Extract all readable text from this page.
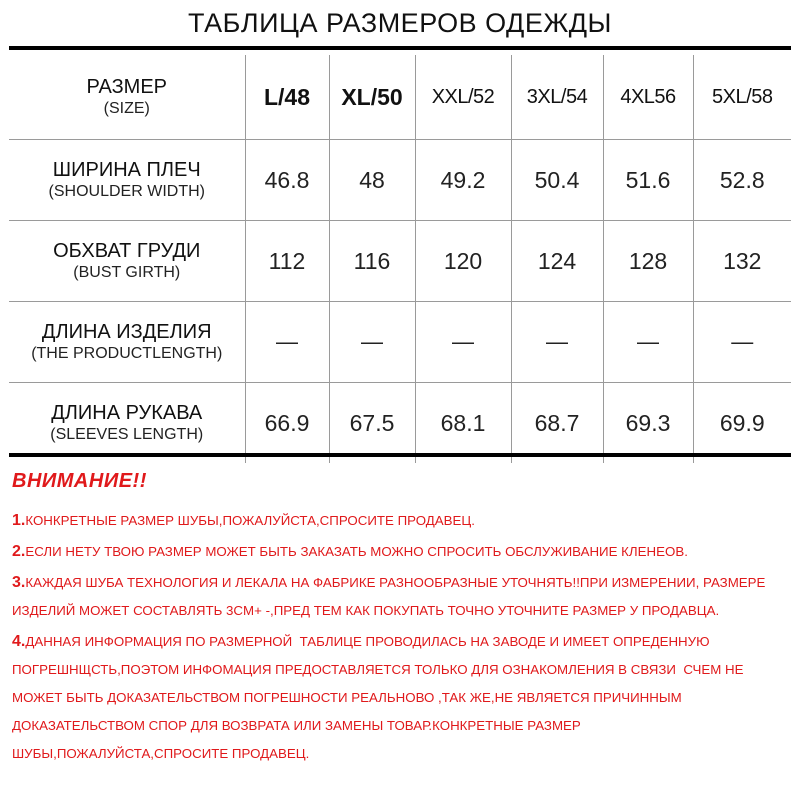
ТАБЛИЦА РАЗМЕРОВ ОДЕЖДЫ
РАЗМЕР
(SIZE)	L/48	XL/50	XXL/52	3XL/54	4XL56	5XL/58

ШИРИНА ПЛЕЧ
(SHOULDER WIDTH)	46.8	48	49.2	50.4	51.6	52.8

ОБХВАТ ГРУДИ
(BUST GIRTH)	112	116	120	124	128	132

ДЛИНА ИЗДЕЛИЯ
(THE PRODUCTLENGTH)	—	—	—	—	—	—

ДЛИНА РУКАВА
(SLEEVES LENGTH)	66.9	67.5	68.1	68.7	69.3	69.9
ВНИМАНИЕ!!
1.КОНКРЕТНЫЕ РАЗМЕР ШУБЫ,ПОЖАЛУЙСТА,СПРОСИТЕ ПРОДАВЕЦ.
2.ЕСЛИ НЕТУ ТВОЮ РАЗМЕР МОЖЕТ БЫТЬ ЗАКАЗАТЬ МОЖНО СПРОСИТЬ ОБСЛУЖИВАНИЕ КЛЕНЕОВ.
3.КАЖДАЯ ШУБА ТЕХНОЛОГИЯ И ЛЕКАЛА НА ФАБРИКЕ РАЗНООБРАЗНЫЕ УТОЧНЯТЬ!!ПРИ ИЗМЕРЕНИИ, РАЗМЕРЕ ИЗДЕЛИЙ МОЖЕТ СОСТАВЛЯТЬ 3CM+ -,ПРЕД ТЕМ КАК ПОКУПАТЬ ТОЧНО УТОЧНИТЕ РАЗМЕР У ПРОДАВЦА.
4.ДАННАЯ ИНФОРМАЦИЯ ПО РАЗМЕРНОЙ  ТАБЛИЦЕ ПРОВОДИЛАСЬ НА ЗАВОДЕ И ИМЕЕТ ОПРЕДЕННУЮ ПОГРЕШНЩСТЬ,ПОЭТОМ ИНФОМАЦИЯ ПРЕДОСТАВЛЯЕТСЯ ТОЛЬКО ДЛЯ ОЗНАКОМЛЕНИЯ В СВЯЗИ  СЧЕМ НЕ МОЖЕТ БЫТЬ ДОКАЗАТЕЛЬСТВОМ ПОГРЕШНОСТИ РЕАЛЬНОВО ,ТАК ЖЕ,НЕ ЯВЛЯЕТСЯ ПРИЧИННЫМ ДОКАЗАТЕЛЬСТВОМ СПОР ДЛЯ ВОЗВРАТА ИЛИ ЗАМЕНЫ ТОВАР.КОНКРЕТНЫЕ РАЗМЕР ШУБЫ,ПОЖАЛУЙСТА,СПРОСИТЕ ПРОДАВЕЦ.
